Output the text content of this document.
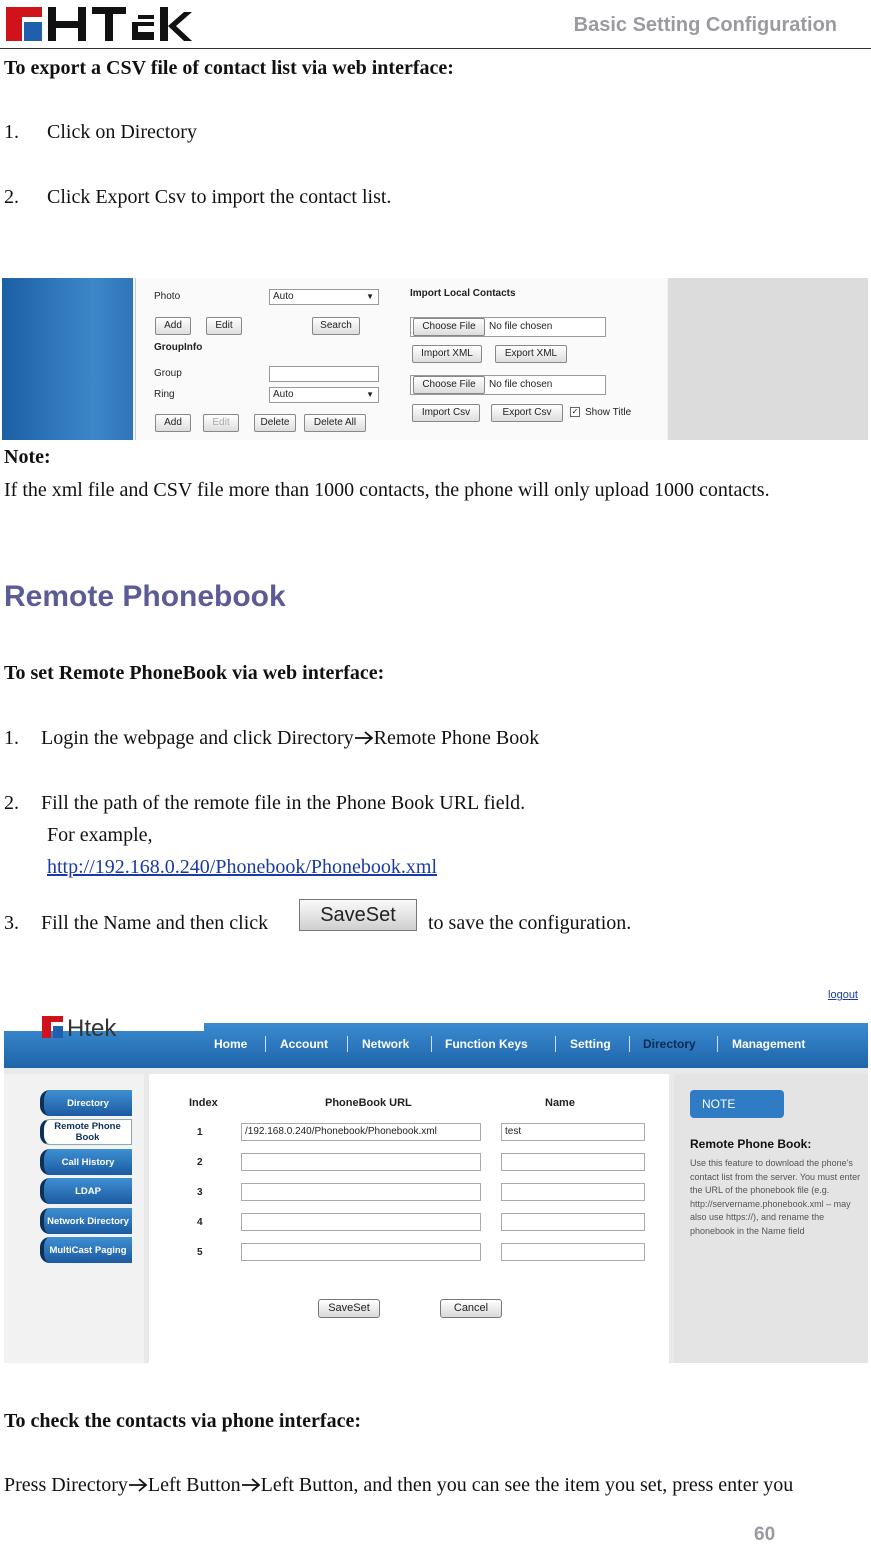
Basic Setting Configuration
To export a CSV file of contact list via web interface:
1. Click on Directory
2. Click Export Csv to import the contact list.
Photo	Auto	▼
Add	Edit	Search
GroupInfo
Group
Ring	Auto	▼
Add	Edit	Delete	Delete All
Import Local Contacts
Choose File	No file chosen
Import XML	Export XML
Choose File	No file chosen
Import Csv	Export Csv	✓ Show Title
Note:
If the xml file and CSV file more than 1000 contacts, the phone will only upload 1000 contacts.
Remote Phonebook
To set Remote PhoneBook via web interface:
1. Login the webpage and click Directory Remote Phone Book
2. Fill the path of the remote file in the Phone Book URL field.
For example,
http://192.168.0.240/Phonebook/Phonebook.xml
3. Fill the Name and then click	SaveSet	to save the configuration.
logout
Htek
Home	Account	Network	Function Keys	Setting	Directory	Management
Directory
Remote Phone Book
Call History
LDAP
Network Directory
MultiCast Paging
Index	PhoneBook URL	Name
1	/192.168.0.240/Phonebook/Phonebook.xml	test
2
3
4
5
SaveSet	Cancel
NOTE
Remote Phone Book:
Use this feature to download the phone's contact list from the server. You must enter the URL of the phonebook file (e.g. http://servername.phonebook.xml – may also use https://), and rename the phonebook in the Name field
To check the contacts via phone interface:
Press Directory Left Button Left Button, and then you can see the item you set, press enter you
60
